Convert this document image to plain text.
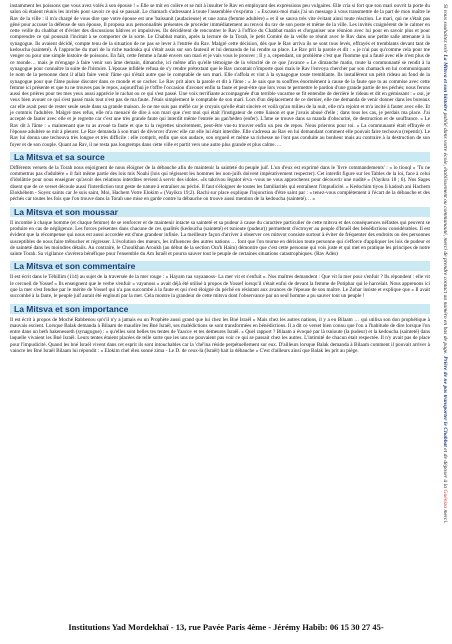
instamment les poissons que vous avez volés à son épouse ! » Elle se mit en colère et se mit à insulter le Rav en employant des expressions peu vulgaires. Elle cria si fort que son mari ouvrit la porte du salon où étaient réunis les invités pour savoir ce qui se passait. Le chamach s'adressant à toute l'assemblée s'exprima : « Excusez-moi mais j'ai un message à vous transmettre de la part de mon maître le Rav de la ville : il m'a chargé de vous dire que votre épouse est une 'baissanit (audacieuse) et une zona (femme adultère) » et il se sauva très vite évitant ainsi toute réaction. Le mari, qui ne s'était pas gêné pour accuser la défense de son épouse, Il proposa aux personnalités présentes de procéder immédiatement au renvoi du rav de son poste et même de la ville. Les invités craignèrent de le calmer en cette veille du chabbat et d'éviter des discussions hâtives et impulsives. Ils décidèrent de rencontrer le Rav à l'office du Chabbat matin et d'organiser une réunion avec lui pour en savoir plus et pour comprendre ce qui poussait l'incitait à se comporter de la sorte. Le Chabbat matin, après la lecture de la Torah, le petit Comité de la veille se réunit avec le Rav dans une petite salle attenante à la synagogue. Ils avaient décidé, compte tenu de la situation de ne pas se lever à l'entrée du Rav. Malgré cette décision, dès que le Rav arriva ils se sont tous levés, effrayés et tremblants devant tant de kedoucha (sainteté). À l'approche du mari de la riche tsadouka qui s'était assis sur son fauteuil et lui demanda de lui rendre sa place. Le Rav prit la parole et dit : « je n'ai pas qu'comme cela pour me venger ou pour une simple histoire de poissons. En fait, cette femme a fauté envers son mari et je vais vous le prouver ; Il y a, cependant, un problème c'est que l'homme qui a fauté avec elle n'est plus de ce monde… mais je m'engage à faire venir son âme demain, dimanche, ici même afin qu'elle témoigne de la véracité de ce que j'avance » Le dimanche matin, toute la communauté se rendit à la synagogue pour connaître la suite de l'histoire. L'épouse infidèle refusa de s'y rendre prétextant que le Rav racontait n'importe quoi mais le Rav l'envoya chercher par son chamach en lui communiquant le nom de la personne dont il allait faire venir l'âme qui n'était autre que le comptable de son mari. Elle s'affola et vint à la synagogue toute tremblante. Ils installèrent un pétit rideau au fond de la synagogue pour que l'âme puisse discuter dans ce monde et se cacher. Le Rav prit alors la parole et dit à l'âme : « Je sais que tu souffres énormément à cause de la faute que tu as commise avec cette femme ici présente et que tu ne trouves pas le repos, aujourd'hui je t'offre l'occasion d'avouer enfin ta faute et peut-être que lors vous te permettre le pardon d'une grande partie de tes péchés; nous ferons aussi des prières pour tes mes yeux aussi apprécie le rachat ou ce qui s'est passé. Une voix terrifiante accompagnée d'un terrible vacarme se fit entendre de derrière le rideau et dit en gémissant : « oui, je veux bien avouer ce qui s'est passé mais tout n'est pas de ma faute. J'étais simplement le comptable de son mari. Lors d'un déplacement de ce dernier, elle me demanda de venir donner dans les bureaux car elle avait peur de rester seule seule dans sa grande maison. Je ne me suis pas méfié car je croyais qu'elle était sincère et voilà qu'au milieu de la nuit, elle m'a rejoint et m'a incité à fauter avec elle. Et je commis l'adultère. Malgré mes refus, elle m'a menacé de dire à son mari que c'est moi qui était l'instigateur de cette liaison et que j'avais abusé d'elle ; dans tous les cas, je perdais ma place. J'ai accepté de fauter avec elle et je regrette car c'est une très grande faute qui interdit même l'entrée au gan'héden (enfer). L'âme se trouve dans sa manda d'obscurité, de destruction et de souffrance. » Le Rav dit à l'âme : « maintenant que tu as avoué ta faute et que tu la regrettes sincèrement, peut-être vas-tu trouver enfin un peu de repos. Nous prierons pour toi. » La communauté était effrayée et l'épouse adultère se mit à pleurer. Le Rav demanda à son mari de divorcer d'avec elle car elle lui était interdite. Elle s'adressa au Rav en lui demandant comment elle pouvait faire techouva (repentir). Le Rav lui donna une techouva très longue et très difficile : elle comprit, enfin que son audace, son orgueil et même sa richesse ne l'ont pas conduite au bonheur mais au contraire à la destruction de son foyer et de son couple. Quant au Rav, il ne resta pas longtemps dans cette ville et partit vers une autre plus grande et plus calme….

La Mitsva et sa source

Différents versets de la Torah nous enjoignent de nous éloigner de la débauche afin de maintenir la sainteté du peuple juif. L'un d'eux est exprimé dans le 'livre commandements' : « lo tiouql » 'Tu ne commettras pas d'adultère » il fait même partie des lois mis Noahi (lois qui régissent les hommes les non-juifs doivent impérativement respecter). Cet interdit figure sur les Tables de la loi, face à celui d'idolâtrie pour nous enseigner qu'avoir des relations interdites revient à servir des idoles. «Is takrivou légalot érva -vous ne vous approcherez pour découvrir une nudité » (Vayikra 18 ; 6). Nos Sages disent que de ce verset découle aussi l'interdiction tout geste de nature à entraîner au péché. Il faut s'éloigner de toutes les familiarités qui entraînent l'impudicité. « Kedochim tiyou li kadosh ani Hachem Elokhéhem - Soyez saints car Je suis saint, Moi, Hachem Votre Elokim » (Vayikra 19;2). Rachi sur place explique l'injonction d'être saint par : « tenez-vous complètement à l'écart de la débauche et des péchés car toutes les fois que l'on trouve dans la Torah une mise en garde contre la débauche on trouve aussi mention de la kedoucha (sainteté)… »

La Mitsva et son moussar

Il incombe à chaque homme (et chaque femme) de se renforcer et de maintenir intacte sa sainteté et sa pudeur à cause du caractère particulier de cette mitsva et des conséquences néfastes qui peuvent se produire en cas de négligence. Les forces présentes dans chacune de ces qualités (kedoucha (sainteté) et tsnioute (pudeur)) permettent d'octroyer au peuple d'Israël des bénédictions considérables. Il est évident que la récompense qui nous est aussi accordée est d'une grandeur infinie. La meilleure façon d'arriver à observer ces mitsvot consiste surtout à éviter de fréquenter des endroits ou des personnes susceptibles de nous faire trébucher et régresser. L'évolution des mœurs, les influences des autres nations … font que l'on tourne en dérision toute personne qui s'efforce d'appliquer les lois de pudeur et de sainteté dans les moindres détails. Au contraire, le Choulkhan Aroukh (au début de la section Ora'h Haïm) démontre que c'est cette personne qui vois juste et qui met en pratique les principes de notre sainte Torah. Sa vigilance s'avérera bénéfique pour l'ensemble du Am Israël et pourra sauver tout le peuple de certaines situations catastrophiques. (Rav Adès)

La Mitsva et son commentaire

Il est écrit dans le Téhillim (114) au sujet de la traversée de la mer rouge : « Hayam raa vayaanoss- La mer vit et s'enfuit ». Nos maîtres demandent : Que vit la mer pour s'enfuir ? Ils répondent : elle vit le cercueil de Yossef » Ils enseignent que le verbe s'enfuir » vayanoss » avait déjà été utilisé à propos de Yossef lorsqu'il s'était enfui de devant la femme de Potiphar qui le harcelait. Nous apprenons ici que la mer s'est fendue par le mérite de Yossef qui n'a pas succombé à la faute et qui s'est éloigné du péché en résistant aux avances de l'épouse de son maître. Le Zohar insiste et explique que « Il avait succombé à la faute, le peuple juif aurait été englouti par la mer. Cela montre la grandeur de cette mitsva dont l'observance par un seul homme a pu sauver tout un peuple !

La Mitsva et son importance

Il est écrit à propos de Moché Rabbenou qu's'il n'y a jamais eu un Prophète aussi grand que lui chez les Bné Israël » Mais chez les autres nations, il y a eu Bilaam … qui utilisa son don prophétique à mauvais escient. Lorsque Balak demanda à Bilaam de maudire les Bné Israël, ses malédictions se sont transformées en bénédictions. Il a dit ce verset bien connu que l'on a l'habitude de dire lorsque l'on entre dans un beth hakenesseth (synagogue) : « qu'elles sont belles tes tentes de Yaacov et tes demeures Israël. » Quel rapport ? Bilaam a évoqué par là tsnioute (la pudeur) et la kedoucha (sainteté) dans laquelle vivaient les Bné Israël. Leurs tentes étaient placées de telle sorte que les uns ne pouvaient pas voir ce qui se passait chez les autres. L'intimité de chacun était respectée. Il n'y avait pas de place pour l'impudicité. Quand les bné Israël vivent dans cet esprit ils sont intouchables car la 'ché'ina réside perpétuellement sur eux. D'ailleurs lorsque Balak demanda à Bilaam comment il pouvait arriver à vaincre les Bné Israël Bilaam lui répondit : « Elokim chel éleu sonné zima - Le D. de ceux-là (Israël) hait la débauche » C'est d'ailleurs ainsi que Balak les prit au piège.

Si vous souhaitez voir La Mitsva et son histoire publié dans votre école, établissement ou communauté, merci de prendre contact au numéro en bas de page. Prière de ne pas transporter le Chabbat et de déposer à la Guéniza merci.
Institutions Yad Mordekhaï - 13, rue Pavée Paris 4ème - Jérémy Habib: 06 15 30 27 45-
